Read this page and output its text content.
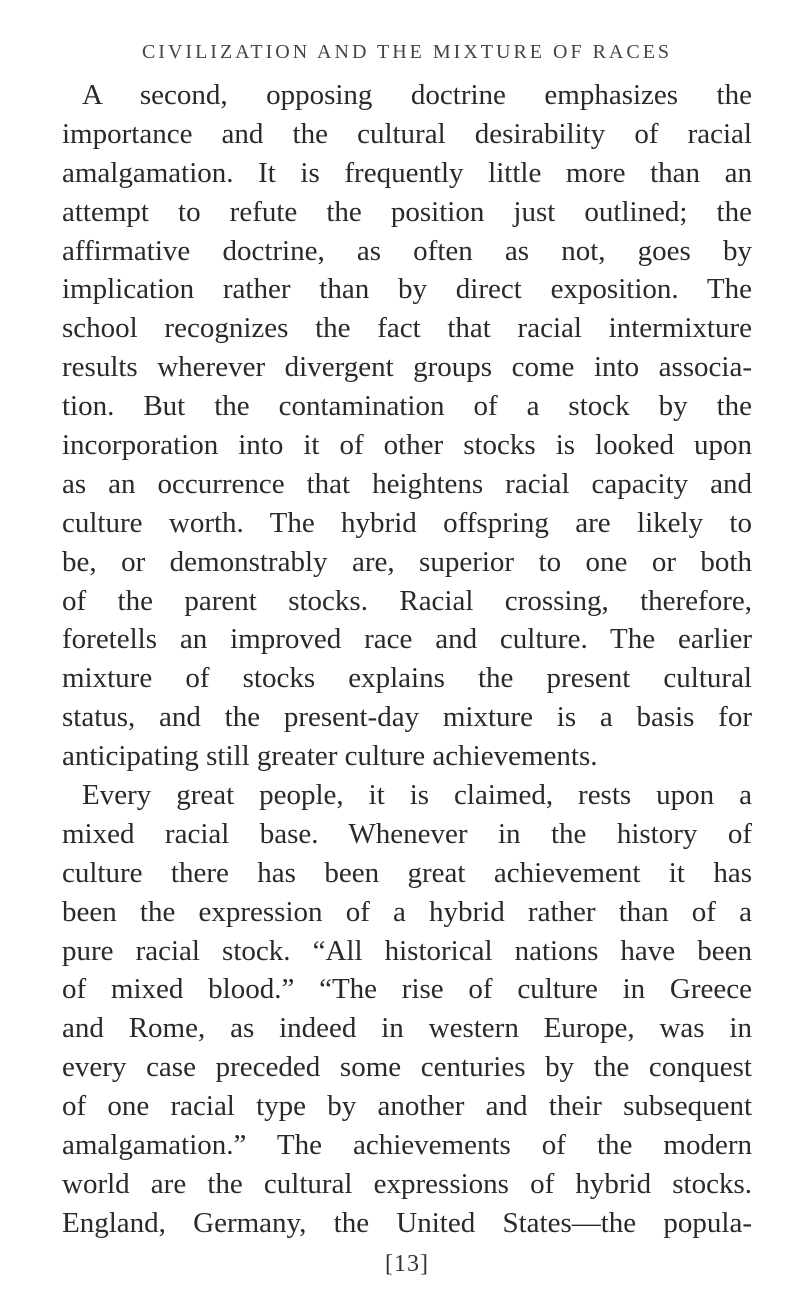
CIVILIZATION AND THE MIXTURE OF RACES
A second, opposing doctrine emphasizes the
importance and the cultural desirability of racial
amalgamation. It is frequently little more than an
attempt to refute the position just outlined; the
affirmative doctrine, as often as not, goes by
implication rather than by direct exposition. The
school recognizes the fact that racial intermixture
results wherever divergent groups come into associa-
tion. But the contamination of a stock by the
incorporation into it of other stocks is looked upon
as an occurrence that heightens racial capacity and
culture worth. The hybrid offspring are likely to
be, or demonstrably are, superior to one or both
of the parent stocks. Racial crossing, therefore,
foretells an improved race and culture. The earlier
mixture of stocks explains the present cultural
status, and the present-day mixture is a basis for
anticipating still greater culture achievements.
Every great people, it is claimed, rests upon a
mixed racial base. Whenever in the history of
culture there has been great achievement it has
been the expression of a hybrid rather than of a
pure racial stock. “All historical nations have been
of mixed blood.” “The rise of culture in Greece
and Rome, as indeed in western Europe, was in
every case preceded some centuries by the conquest
of one racial type by another and their subsequent
amalgamation.” The achievements of the modern
world are the cultural expressions of hybrid stocks.
England, Germany, the United States—the popula-
[13]
